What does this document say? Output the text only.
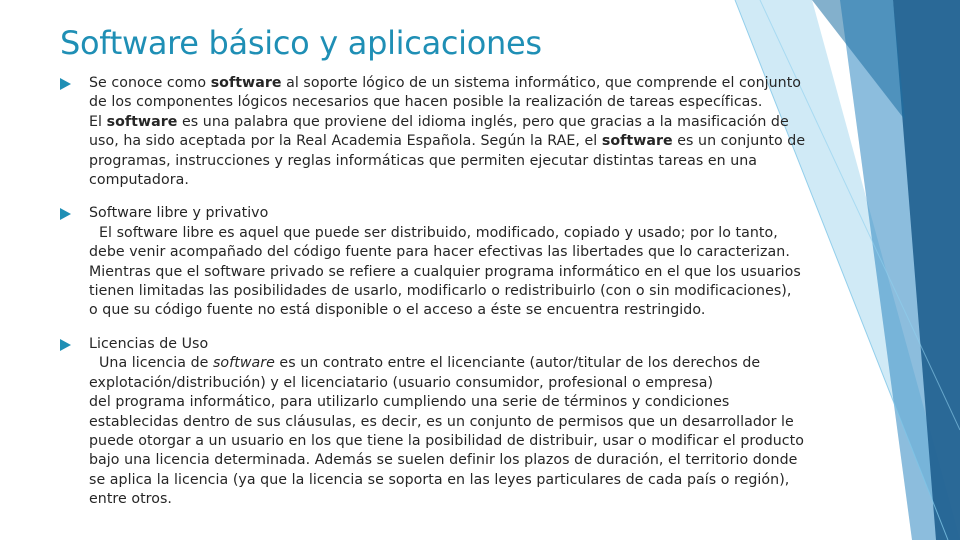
Software básico y aplicaciones
Se conoce como software al soporte lógico de un sistema informático, que comprende el conjunto
de los componentes lógicos necesarios que hacen posible la realización de tareas específicas.
El software es una palabra que proviene del idioma inglés, pero que gracias a la masificación de
uso, ha sido aceptada por la Real Academia Española. Según la RAE, el software es un conjunto de
programas, instrucciones y reglas informáticas que permiten ejecutar distintas tareas en una
computadora.
Software libre y privativo
El software libre es aquel que puede ser distribuido, modificado, copiado y usado; por lo tanto,
debe venir acompañado del código fuente para hacer efectivas las libertades que lo caracterizan.
Mientras que el software privado se refiere a cualquier programa informático en el que los usuarios
tienen limitadas las posibilidades de usarlo, modificarlo o redistribuirlo (con o sin modificaciones),
o que su código fuente no está disponible o el acceso a éste se encuentra restringido.
Licencias de Uso
Una licencia de software es un contrato entre el licenciante (autor/titular de los derechos de
explotación/distribución) y el licenciatario (usuario consumidor, profesional o empresa)
del programa informático, para utilizarlo cumpliendo una serie de términos y condiciones
establecidas dentro de sus cláusulas, es decir, es un conjunto de permisos que un desarrollador le
puede otorgar a un usuario en los que tiene la posibilidad de distribuir, usar o modificar el producto
bajo una licencia determinada. Además se suelen definir los plazos de duración, el territorio donde
se aplica la licencia (ya que la licencia se soporta en las leyes particulares de cada país o región),
entre otros.
